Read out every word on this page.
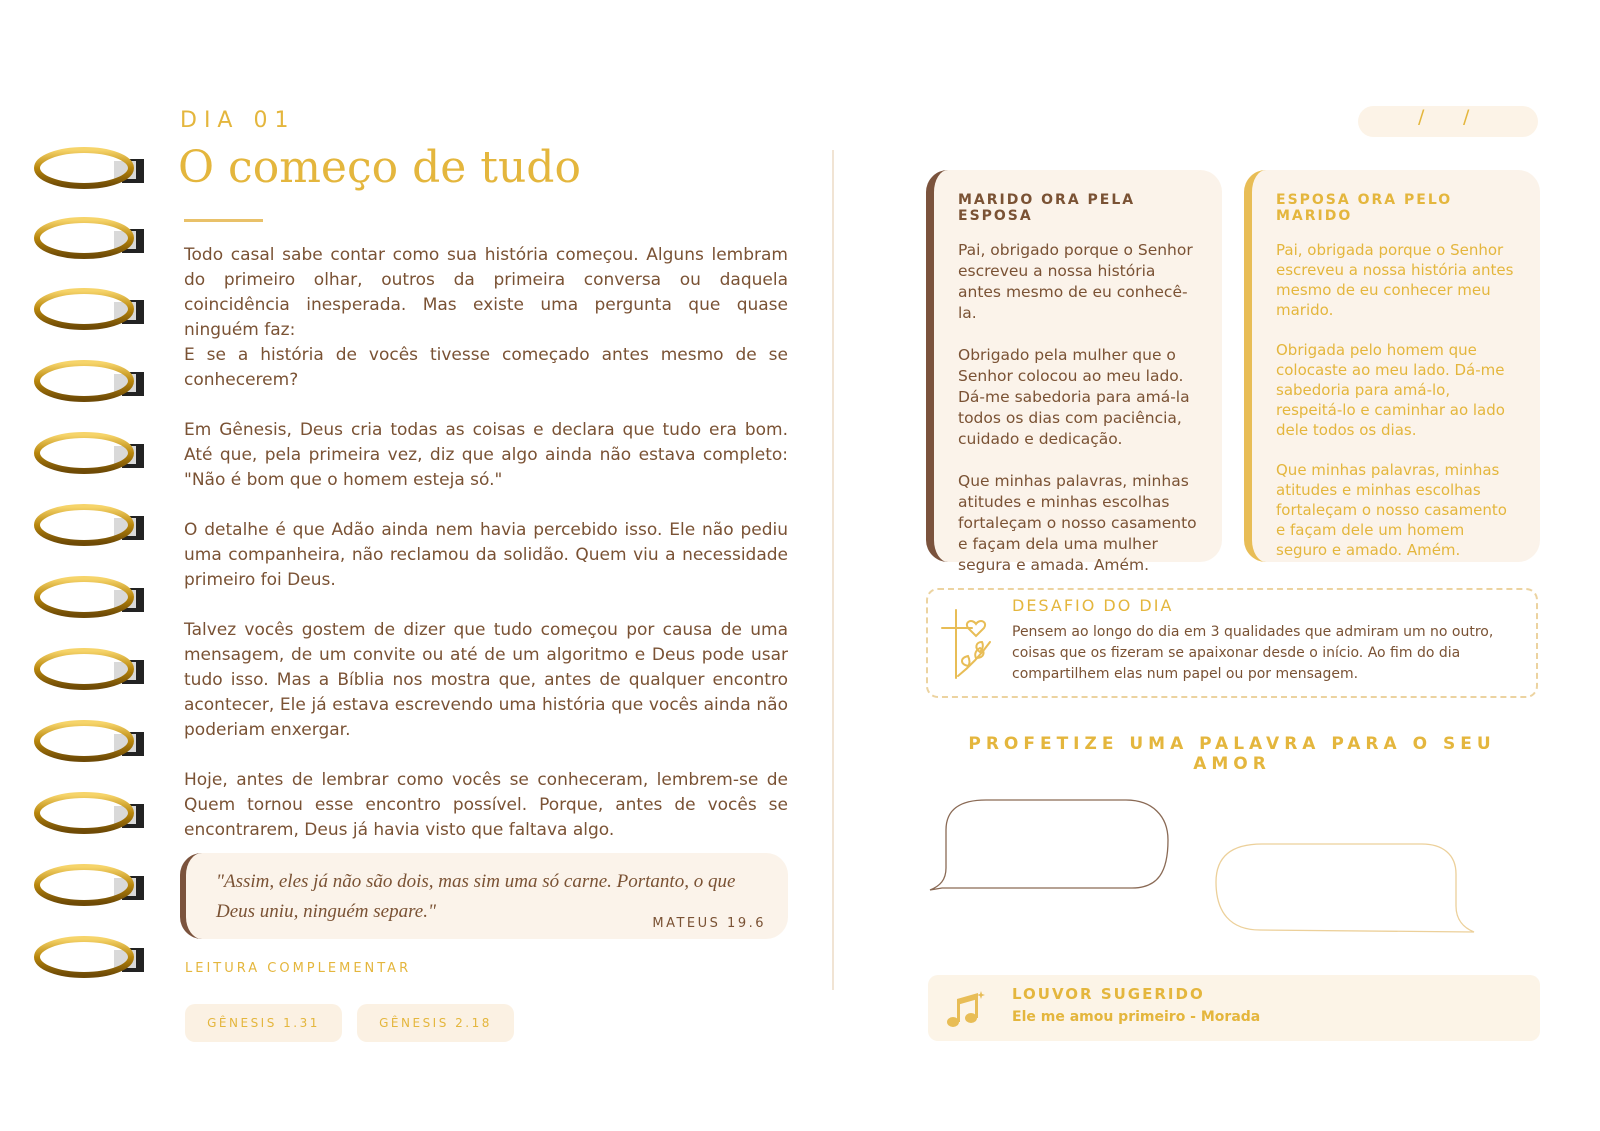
DIA 01
O começo de tudo

Todo casal sabe contar como sua história começou. Alguns lembram do primeiro olhar, outros da primeira conversa ou daquela coincidência inesperada. Mas existe uma pergunta que quase ninguém faz:
E se a história de vocês tivesse começado antes mesmo de se conhecerem?

Em Gênesis, Deus cria todas as coisas e declara que tudo era bom. Até que, pela primeira vez, diz que algo ainda não estava completo: "Não é bom que o homem esteja só."

O detalhe é que Adão ainda nem havia percebido isso. Ele não pediu uma companheira, não reclamou da solidão. Quem viu a necessidade primeiro foi Deus.

Talvez vocês gostem de dizer que tudo começou por causa de uma mensagem, de um convite ou até de um algoritmo e Deus pode usar tudo isso. Mas a Bíblia nos mostra que, antes de qualquer encontro acontecer, Ele já estava escrevendo uma história que vocês ainda não poderiam enxergar.

Hoje, antes de lembrar como vocês se conheceram, lembrem-se de Quem tornou esse encontro possível. Porque, antes de vocês se encontrarem, Deus já havia visto que faltava algo.

"Assim, eles já não são dois, mas sim uma só carne. Portanto, o que Deus uniu, ninguém separe."
MATEUS 19.6
LEITURA COMPLEMENTAR
GÊNESIS 1.31	GÊNESIS 2.18
/ /
MARIDO ORA PELA ESPOSA
Pai, obrigado porque o Senhor escreveu a nossa história antes mesmo de eu conhecê-la.

Obrigado pela mulher que o Senhor colocou ao meu lado. Dá-me sabedoria para amá-la todos os dias com paciência, cuidado e dedicação.

Que minhas palavras, minhas atitudes e minhas escolhas fortaleçam o nosso casamento e façam dela uma mulher segura e amada. Amém.
ESPOSA ORA PELO MARIDO
Pai, obrigada porque o Senhor escreveu a nossa história antes mesmo de eu conhecer meu marido.

Obrigada pelo homem que colocaste ao meu lado. Dá-me sabedoria para amá-lo, respeitá-lo e caminhar ao lado dele todos os dias.

Que minhas palavras, minhas atitudes e minhas escolhas fortaleçam o nosso casamento e façam dele um homem seguro e amado. Amém.
DESAFIO DO DIA
Pensem ao longo do dia em 3 qualidades que admiram um no outro, coisas que os fizeram se apaixonar desde o início. Ao fim do dia compartilhem elas num papel ou por mensagem.
PROFETIZE UMA PALAVRA PARA O SEU AMOR
LOUVOR SUGERIDO
Ele me amou primeiro - Morada
